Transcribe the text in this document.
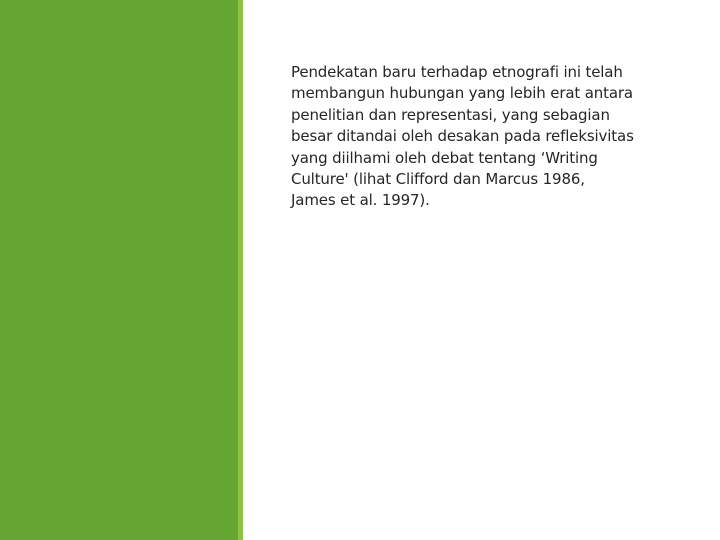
Pendekatan baru terhadap etnografi ini telah
membangun hubungan yang lebih erat antara
penelitian dan representasi, yang sebagian
besar ditandai oleh desakan pada refleksivitas
yang diilhami oleh debat tentang ‘Writing
Culture' (lihat Clifford dan Marcus 1986,
James et al. 1997).
